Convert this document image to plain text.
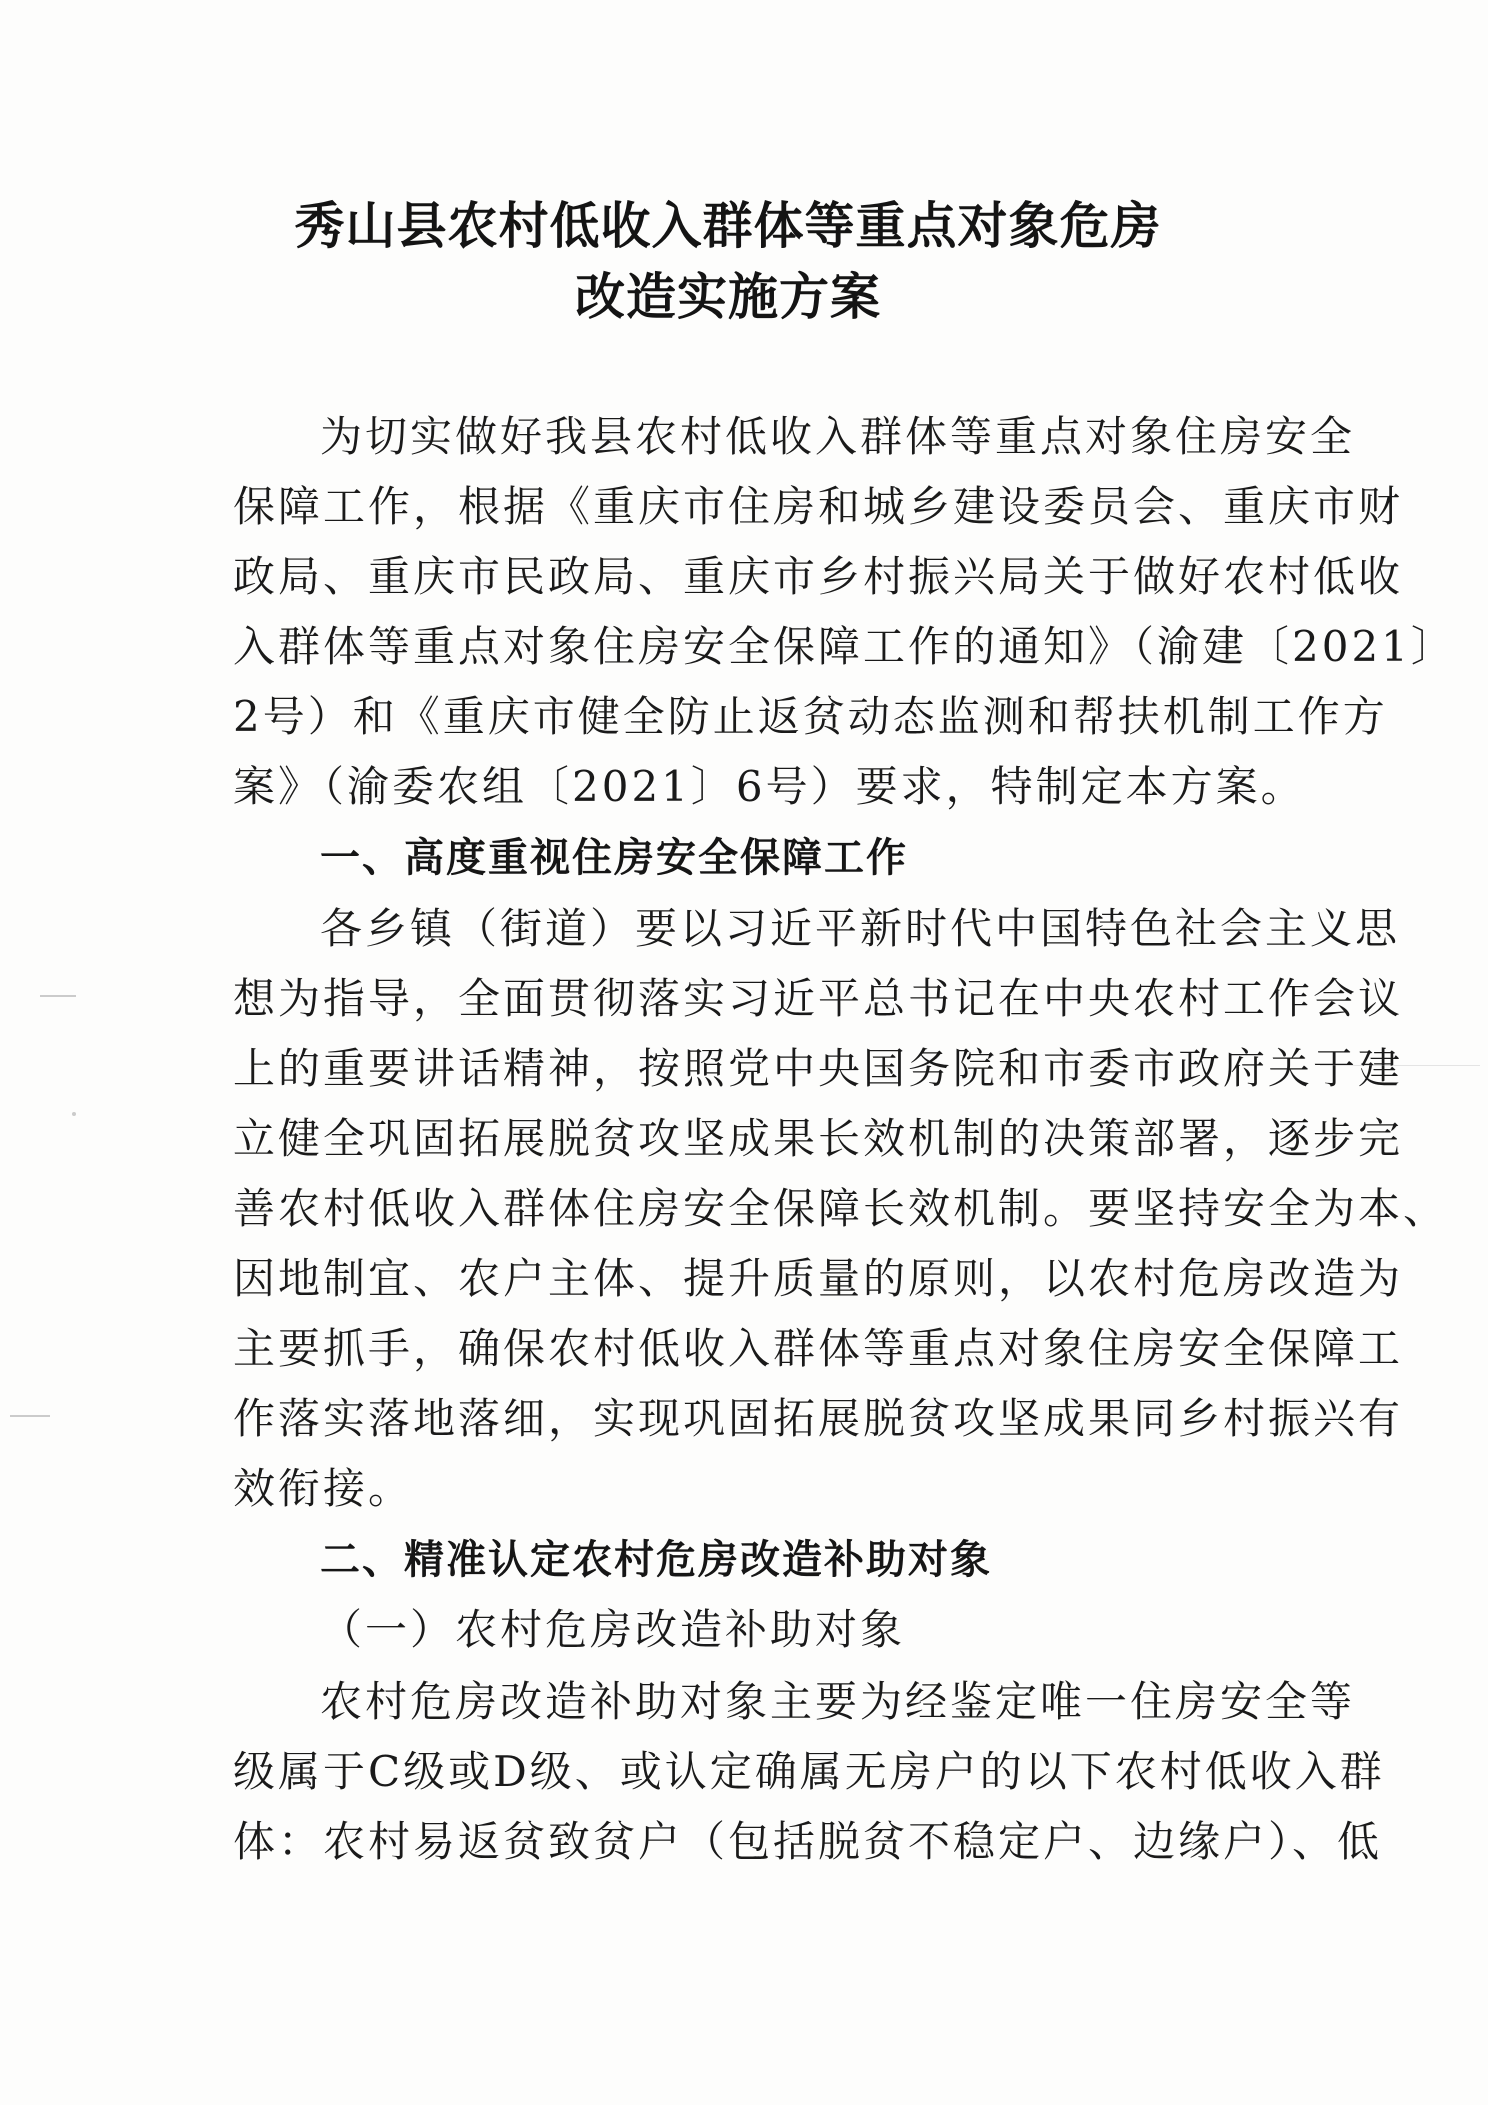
秀山县农村低收入群体等重点对象危房
改造实施方案
为切实做好我县农村低收入群体等重点对象住房安全
保障工作，根据《重庆市住房和城乡建设委员会、重庆市财
政局、重庆市民政局、重庆市乡村振兴局关于做好农村低收
入群体等重点对象住房安全保障工作的通知》（渝建〔2021〕
2号）和《重庆市健全防止返贫动态监测和帮扶机制工作方
案》（渝委农组〔2021〕6号）要求，特制定本方案。
一、高度重视住房安全保障工作
各乡镇（街道）要以习近平新时代中国特色社会主义思
想为指导，全面贯彻落实习近平总书记在中央农村工作会议
上的重要讲话精神，按照党中央国务院和市委市政府关于建
立健全巩固拓展脱贫攻坚成果长效机制的决策部署，逐步完
善农村低收入群体住房安全保障长效机制。要坚持安全为本、
因地制宜、农户主体、提升质量的原则，以农村危房改造为
主要抓手，确保农村低收入群体等重点对象住房安全保障工
作落实落地落细，实现巩固拓展脱贫攻坚成果同乡村振兴有
效衔接。
二、精准认定农村危房改造补助对象
（一）农村危房改造补助对象
农村危房改造补助对象主要为经鉴定唯一住房安全等
级属于C级或D级、或认定确属无房户的以下农村低收入群
体：农村易返贫致贫户（包括脱贫不稳定户、边缘户）、低
